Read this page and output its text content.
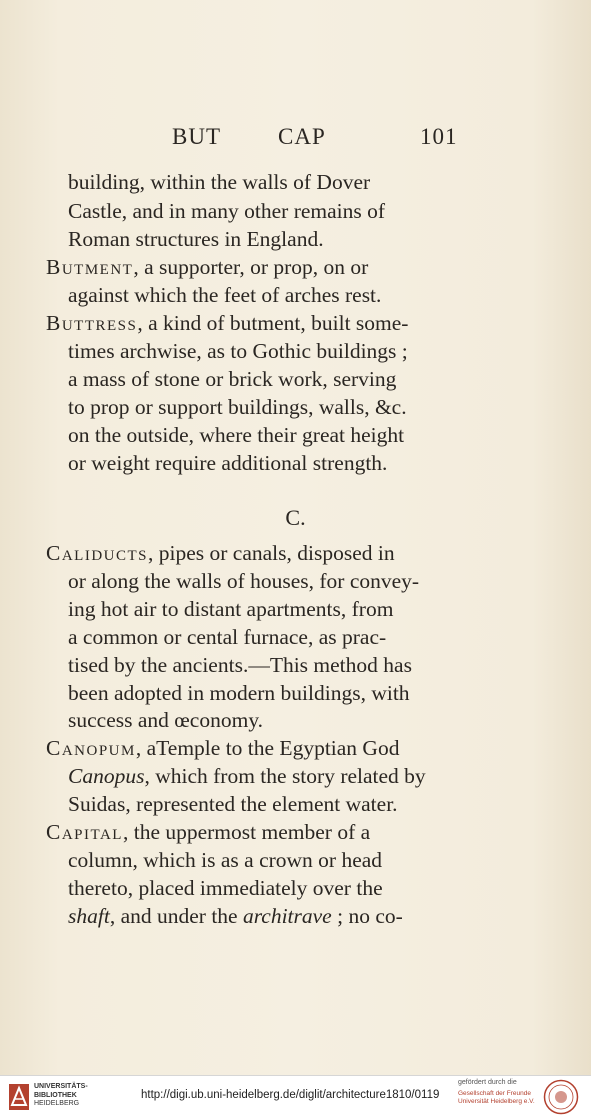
BUT CAP	101
building, within the walls of Dover
Castle, and in many other remains of
Roman structures in England.
Butment, a supporter, or prop, on or
against which the feet of arches rest.
Buttress, a kind of butment, built some-
times archwise, as to Gothic buildings ;
a mass of stone or brick work, serving
to prop or support buildings, walls, &c.
on the outside, where their great height
or weight require additional strength.
Caliducts, pipes or canals, disposed in
or along the walls of houses, for convey-
ing hot air to distant apartments, from
a common or cental furnace, as prac-
tised by the ancients.—This method has
been adopted in modern buildings, with
success and œconomy.
Canopum, aTemple to the Egyptian God
Canopus, which from the story related by
Suidas, represented the element water.
Capital, the uppermost member of a
column, which is as a crown or head
thereto, placed immediately over the
shaft, and under the architrave ; no co-
C.
UNIVERSITÄTS-
BIBLIOTHEK
HEIDELBERG
http://digi.ub.uni-heidelberg.de/diglit/architecture1810/0119
gefördert durch die
Gesellschaft der Freunde
Universität Heidelberg e.V.
